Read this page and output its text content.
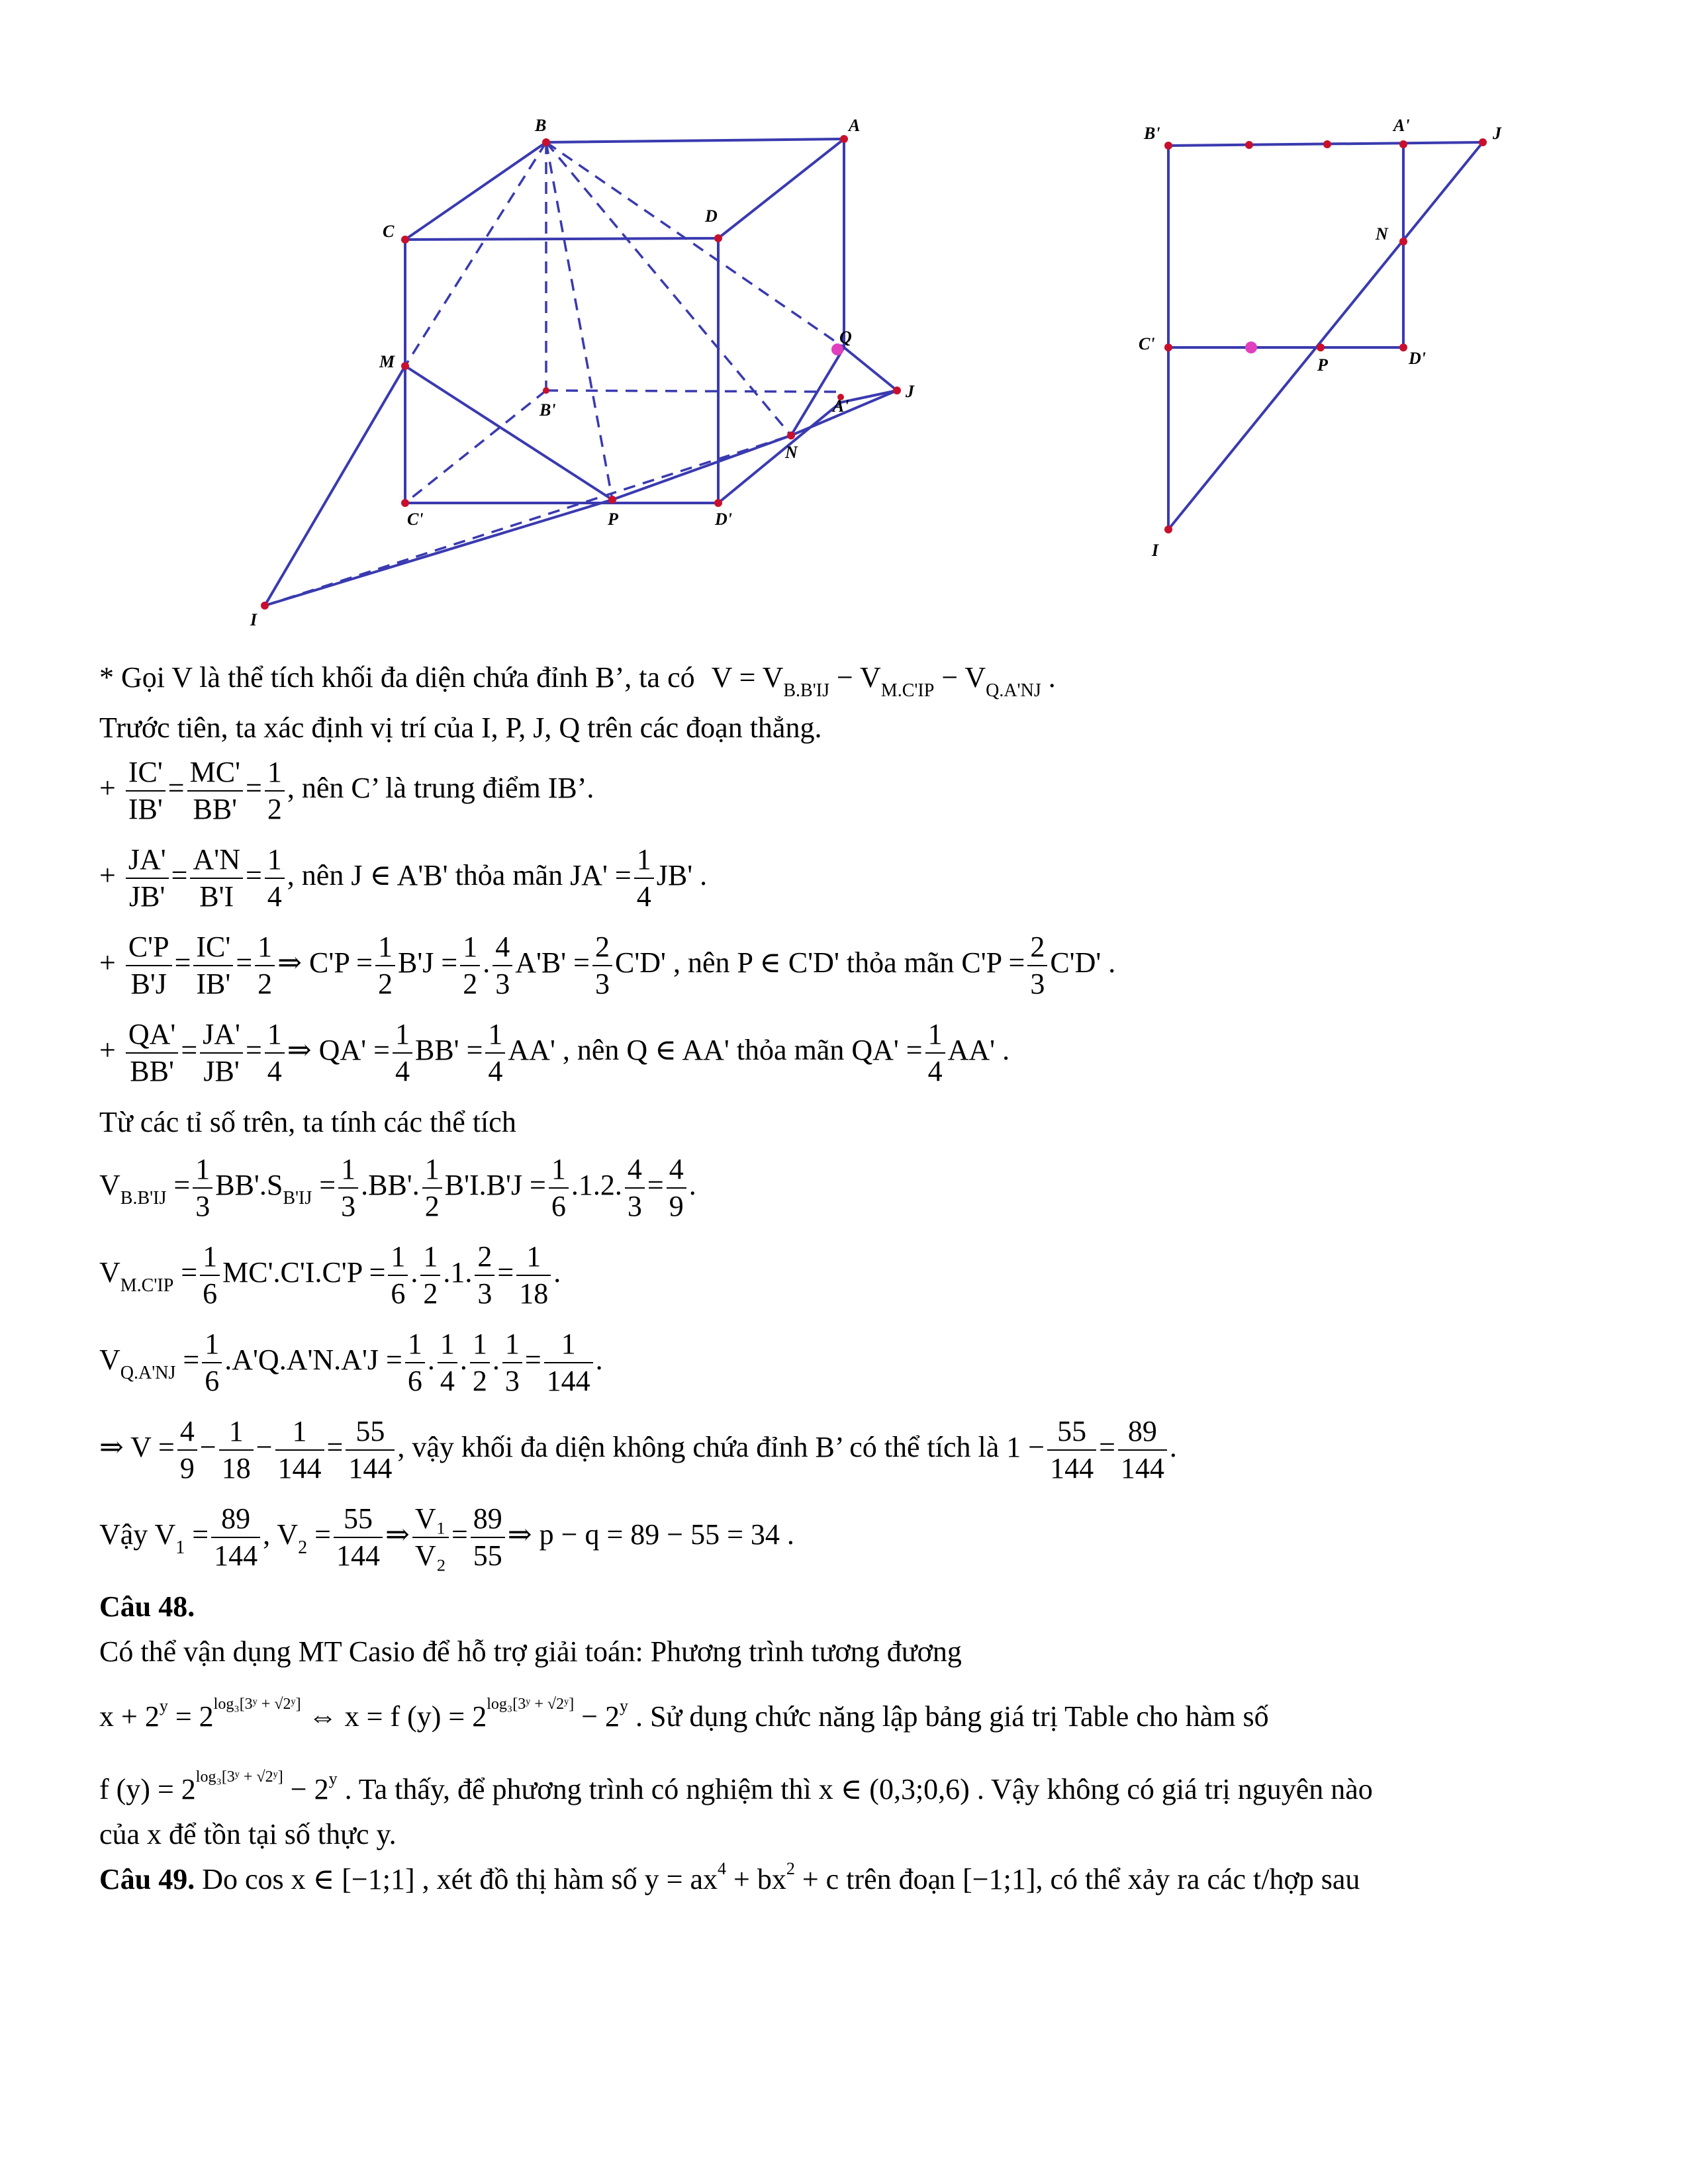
B	A
C
D
M
B'
Q
A'
J
N
C'	P	D'
I
B'	A'	J
N
C'
P	D'
I
* Gọi V là thể tích khối đa diện chứa đỉnh B’, ta có $V = V_{B.B'IJ} - V_{M.C'IP} - V_{Q.A'NJ}$ .
Trước tiên, ta xác định vị trí của I, P, J, Q trên các đoạn thẳng.
+ $\frac{IC'}{IB'} = \frac{MC'}{BB'} = \frac{1}{2}$ , nên C’ là trung điểm IB’.
+ $\frac{JA'}{JB'} = \frac{A'N}{B'I} = \frac{1}{4}$ , nên J ∈ A'B' thỏa mãn $JA' = \frac{1}{4} JB'$ .
+ $\frac{C'P}{B'J} = \frac{IC'}{IB'} = \frac{1}{2}$ ⇒ $C'P = \frac{1}{2} B'J = \frac{1}{2}$ . $\frac{4}{3} A'B' = \frac{2}{3} C'D'$ , nên P ∈ C'D' thỏa mãn $C'P = \frac{2}{3} C'D'$ .
+ $\frac{QA'}{BB'} = \frac{JA'}{JB'} = \frac{1}{4}$ ⇒ $QA' = \frac{1}{4} BB' = \frac{1}{4} AA'$ , nên Q ∈ AA' thỏa mãn $QA' = \frac{1}{4} AA'$ .
Từ các tỉ số trên, ta tính các thể tích
$V_{B.B'IJ} = \frac{1}{3} BB'.S_{B'IJ} = \frac{1}{3} .BB'$. $\frac{1}{2} B'I.B'J = \frac{1}{6} .1.2$. $\frac{4}{3} = \frac{4}{9}$ .
$V_{M.C'IP} = \frac{1}{6} MC'.C'I.C'P = \frac{1}{6}$ . $\frac{1}{2} .1$. $\frac{2}{3} = \frac{1}{18}$ .
$V_{Q.A'NJ} = \frac{1}{6} .A'Q.A'N.A'J = \frac{1}{6}$ . $\frac{1}{4}$ . $\frac{1}{2}$ . $\frac{1}{3} = \frac{1}{144}$ .
⇒ $V = \frac{4}{9} - \frac{1}{18} - \frac{1}{144} = \frac{55}{144}$ , vậy khối đa diện không chứa đỉnh B’ có thể tích là $1 - \frac{55}{144} = \frac{89}{144}$ .
Vậy $V_1 = \frac{89}{144}$ , $V_2 = \frac{55}{144}$ ⇒ $\frac{\text{V₁}}{\text{V₂}} = \frac{89}{55}$ ⇒ p − q = 89 − 55 = 34 .
Câu 48.
Có thể vận dụng MT Casio để hỗ trợ giải toán: Phương trình tương đương
$x + 2^y$ = 2log₃[3ʸ + √2ʸ] ⇔ x = f (y) = 2log₃[3ʸ + √2ʸ] − $2^y$ . Sử dụng chức năng lập bảng giá trị Table cho hàm số
f (y) = 2log₃[3ʸ + √2ʸ] − $2^y$ . Ta thấy, để phương trình có nghiệm thì x ∈ (0,3;0,6) . Vậy không có giá trị nguyên nào
của x để tồn tại số thực y.
Câu 49. Do cos x ∈ [−1;1] , xét đồ thị hàm số $y = ax^4 + bx^2 + c$ trên đoạn [−1;1], có thể xảy ra các t/hợp sau
